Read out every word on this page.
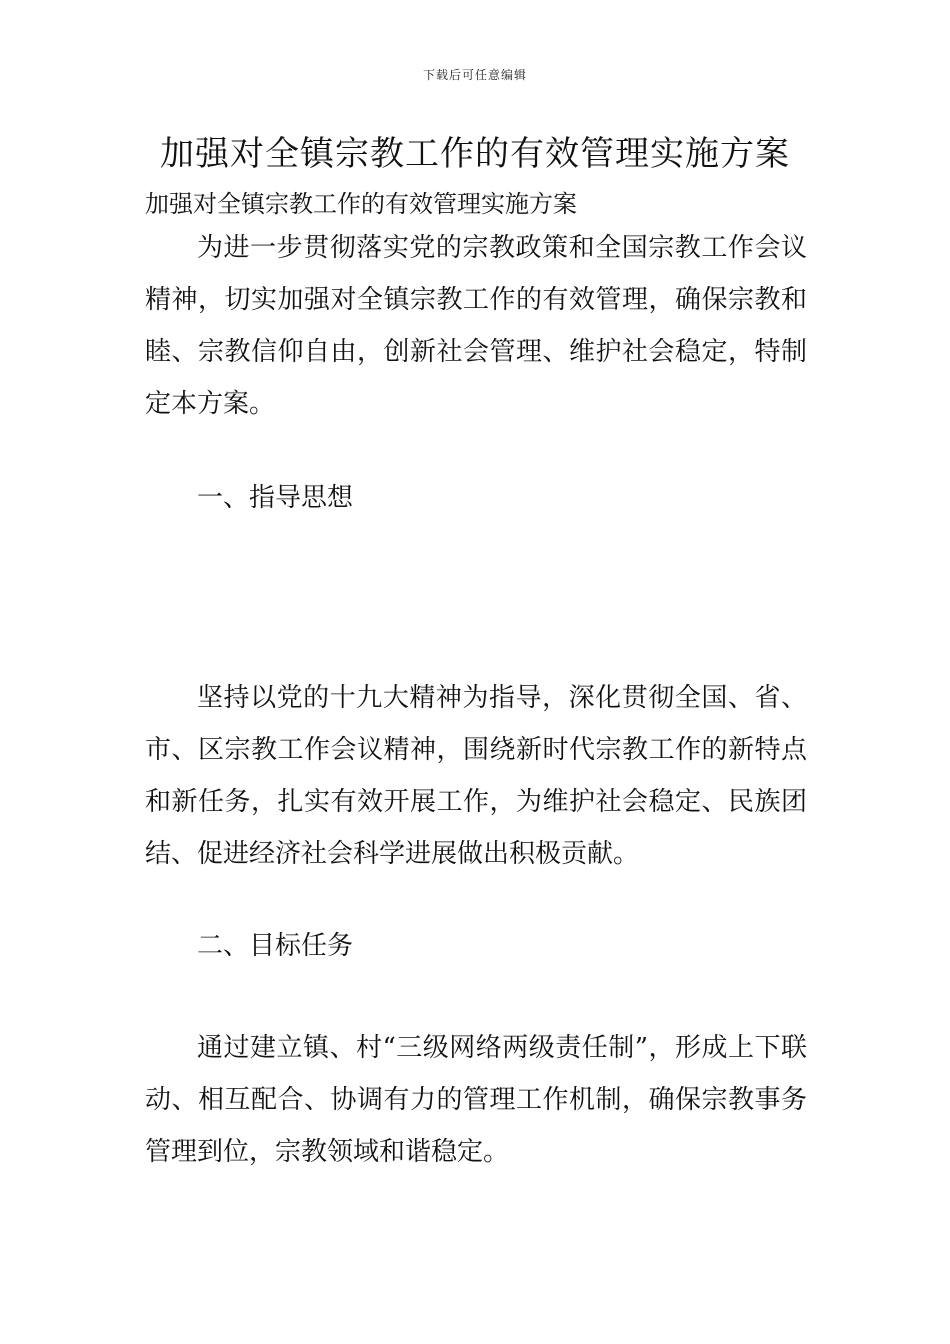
下载后可任意编辑
加强对全镇宗教工作的有效管理实施方案
加强对全镇宗教工作的有效管理实施方案

为进一步贯彻落实党的宗教政策和全国宗教工作会议精神，切实加强对全镇宗教工作的有效管理，确保宗教和睦、宗教信仰自由，创新社会管理、维护社会稳定，特制定本方案。

一、指导思想

坚持以党的十九大精神为指导，深化贯彻全国、省、市、区宗教工作会议精神，围绕新时代宗教工作的新特点和新任务，扎实有效开展工作，为维护社会稳定、民族团结、促进经济社会科学进展做出积极贡献。

二、目标任务

通过建立镇、村“三级网络两级责任制”，形成上下联动、相互配合、协调有力的管理工作机制，确保宗教事务管理到位，宗教领域和谐稳定。
